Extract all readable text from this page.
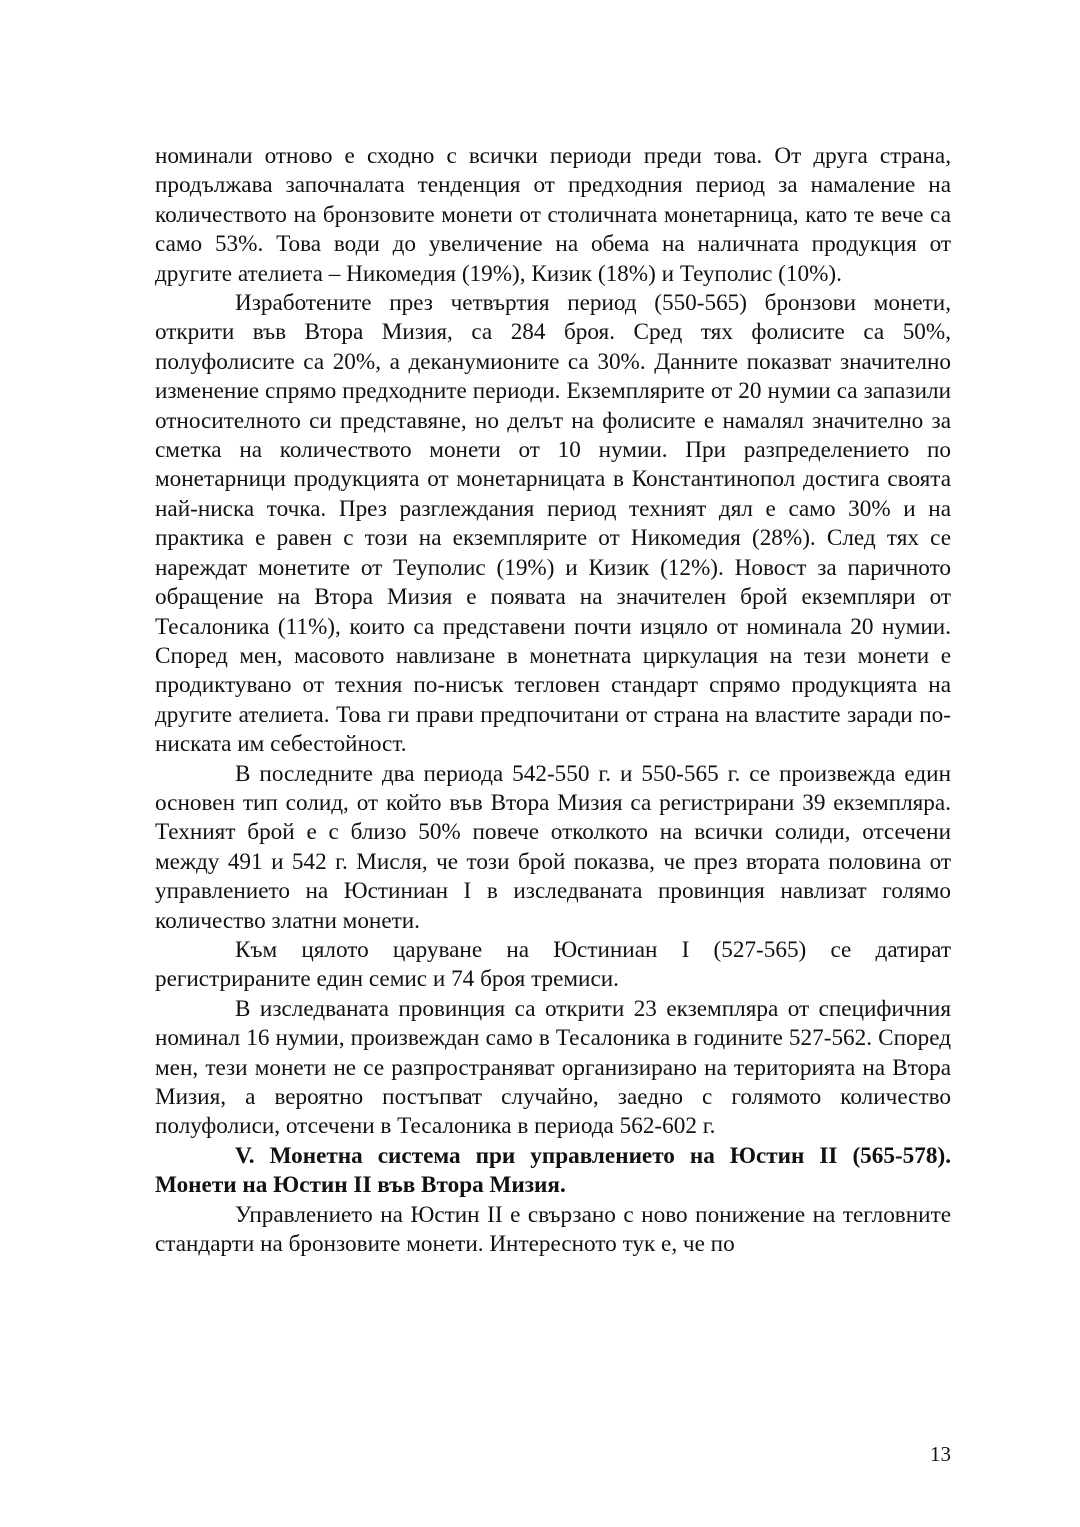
номинали отново е сходно с всички периоди преди това. От друга страна, продължава започналата тенденция от предходния период за намаление на количеството на бронзовите монети от столичната монетарница, като те вече са само 53%. Това води до увеличение на обема на наличната продукция от другите ателиета – Никомедия (19%), Кизик (18%) и Теуполис (10%).

Изработените през четвъртия период (550-565) бронзови монети, открити във Втора Мизия, са 284 броя. Сред тях фолисите са 50%, полуфолисите са 20%, а деканумионите са 30%. Данните показват значително изменение спрямо предходните периоди. Екземплярите от 20 нумии са запазили относителното си представяне, но делът на фолисите е намалял значително за сметка на количеството монети от 10 нумии. При разпределението по монетарници продукцията от монетарницата в Константинопол достига своята най-ниска точка. През разглеждания период техният дял е само 30% и на практика е равен с този на екземплярите от Никомедия (28%). След тях се нареждат монетите от Теуполис (19%) и Кизик (12%). Новост за паричното обращение на Втора Мизия е появата на значителен брой екземпляри от Тесалоника (11%), които са представени почти изцяло от номинала 20 нумии. Според мен, масовото навлизане в монетната циркулация на тези монети е продиктувано от техния по-нисък тегловен стандарт спрямо продукцията на другите ателиета. Това ги прави предпочитани от страна на властите заради по-ниската им себестойност.

В последните два периода 542-550 г. и 550-565 г. се произвежда един основен тип солид, от който във Втора Мизия са регистрирани 39 екземпляра. Техният брой е с близо 50% повече отколкото на всички солиди, отсечени между 491 и 542 г. Мисля, че този брой показва, че през втората половина от управлението на Юстиниан I в изследваната провинция навлизат голямо количество златни монети.

Към цялото царуване на Юстиниан I (527-565) се датират регистрираните един семис и 74 броя тремиси.

В изследваната провинция са открити 23 екземпляра от специфичния номинал 16 нумии, произвеждан само в Тесалоника в годините 527-562. Според мен, тези монети не се разпространяват организирано на територията на Втора Мизия, а вероятно постъпват случайно, заедно с голямото количество полуфолиси, отсечени в Тесалоника в периода 562-602 г.

V. Монетна система при управлението на Юстин II (565-578). Монети на Юстин II във Втора Мизия.

Управлението на Юстин II е свързано с ново понижение на тегловните стандарти на бронзовите монети. Интересното тук е, че по

13
